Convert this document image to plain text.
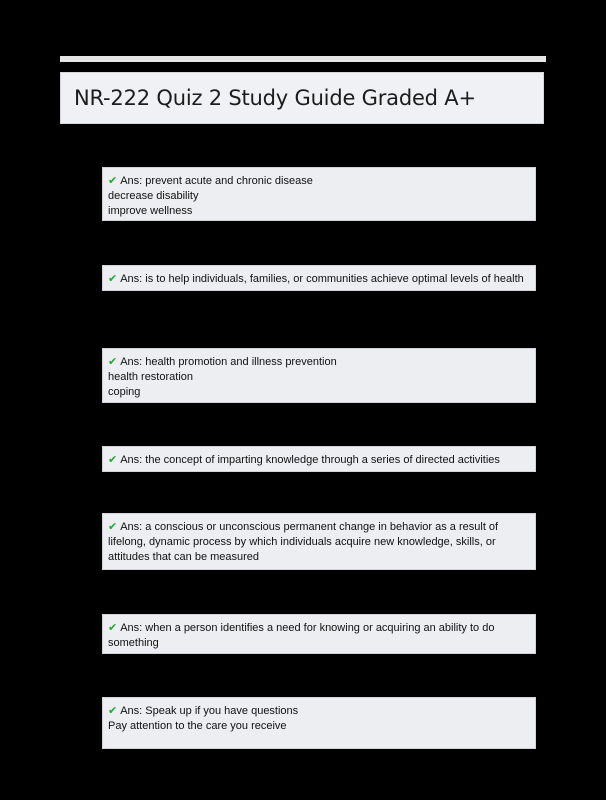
NR-222 Quiz 2 Study Guide Graded A+
✔ Ans: prevent acute and chronic disease
decrease disability
improve wellness
✔ Ans: is to help individuals, families, or communities achieve optimal levels of health
✔ Ans: health promotion and illness prevention
health restoration
coping
✔ Ans: the concept of imparting knowledge through a series of directed activities
✔ Ans: a conscious or unconscious permanent change in behavior as a result of lifelong, dynamic process by which individuals acquire new knowledge, skills, or attitudes that can be measured
✔ Ans: when a person identifies a need for knowing or acquiring an ability to do something
✔ Ans: Speak up if you have questions
Pay attention to the care you receive
